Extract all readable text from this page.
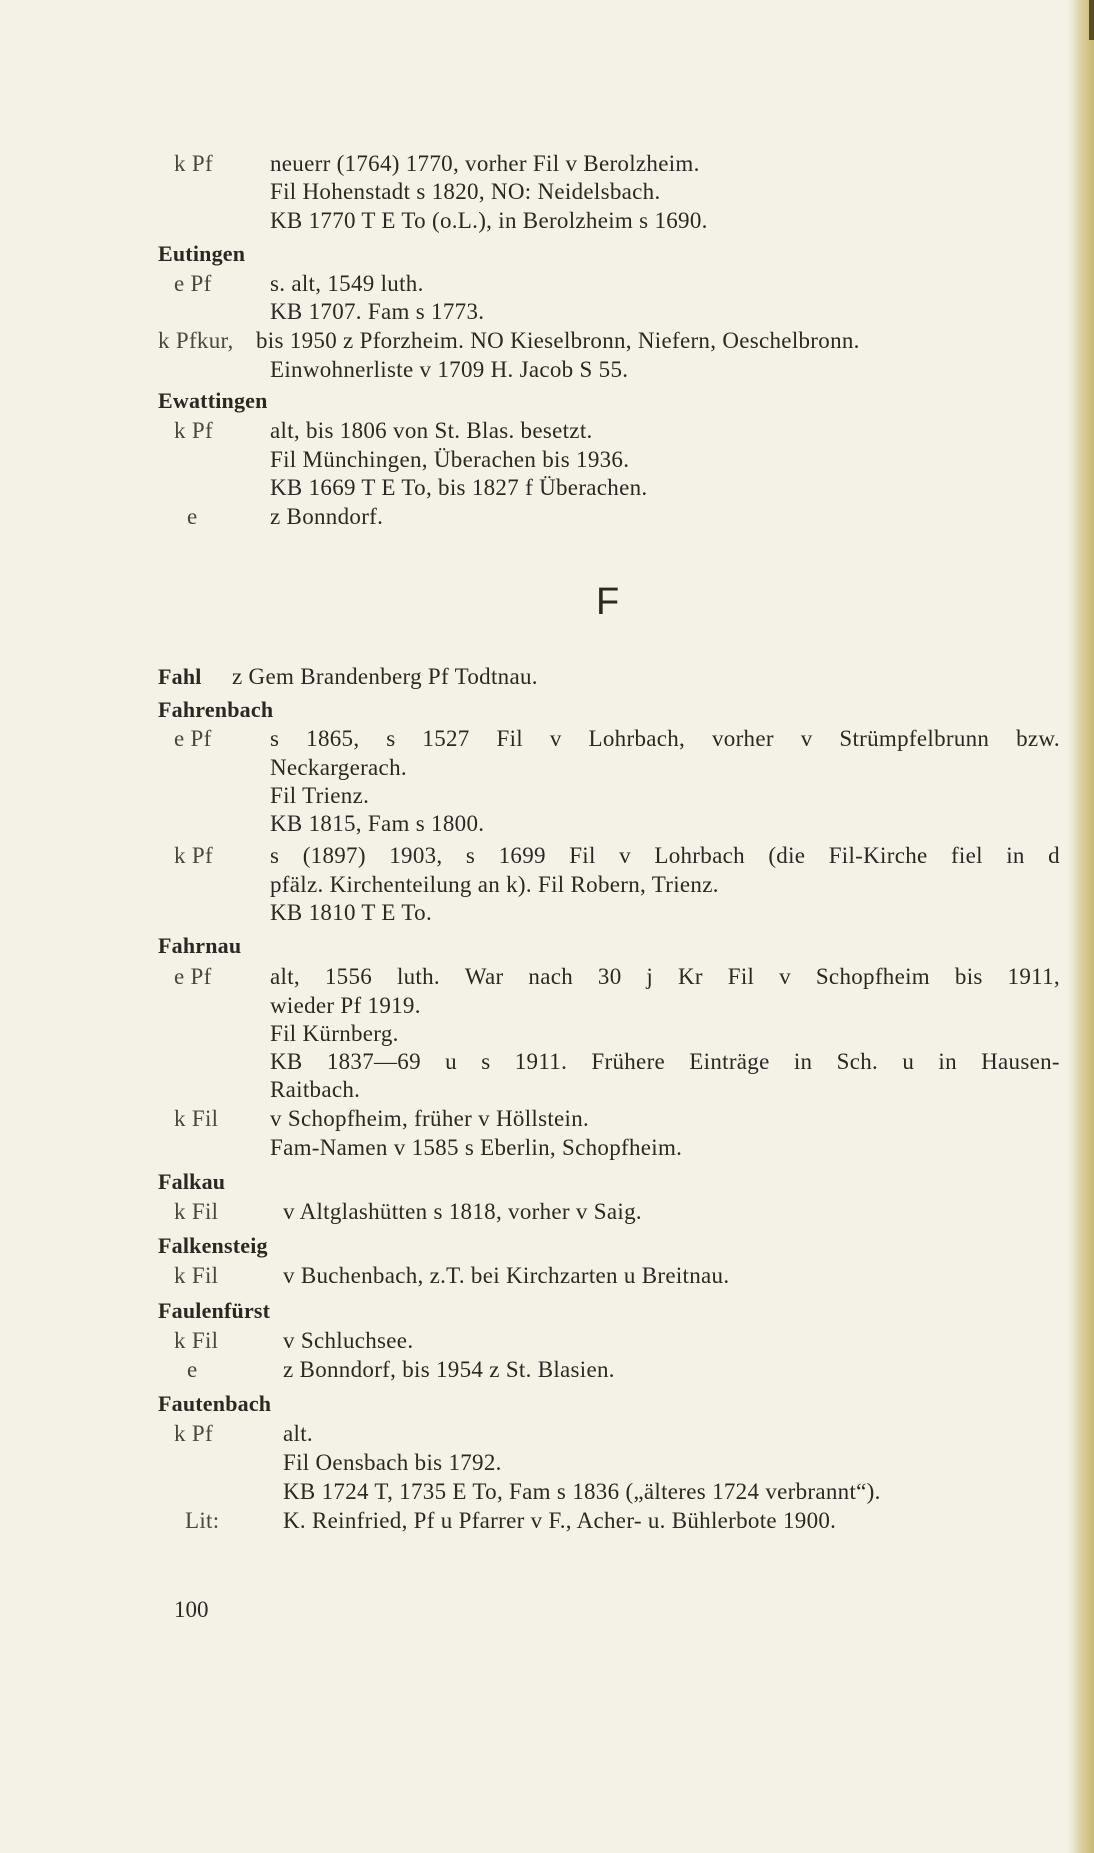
k Pf neuerr (1764) 1770, vorher Fil v Berolzheim.
Fil Hohenstadt s 1820, NO: Neidelsbach.
KB 1770 T E To (o.L.), in Berolzheim s 1690.
Eutingen
e Pf	s. alt, 1549 luth.
KB 1707. Fam s 1773.
k Pfkur, bis 1950 z Pforzheim. NO Kieselbronn, Niefern, Oeschelbronn.
Einwohnerliste v 1709 H. Jacob S 55.
Ewattingen
k Pf alt, bis 1806 von St. Blas. besetzt.
Fil Münchingen, Überachen bis 1936.
KB 1669 T E To, bis 1827 f Überachen.
e	z Bonndorf.
F
Fahl z Gem Brandenberg Pf Todtnau.
Fahrenbach
e Pf	s 1865, s 1527 Fil v Lohrbach, vorher v Strümpfelbrunn bzw.
Neckargerach.
Fil Trienz.
KB 1815, Fam s 1800.
k Pf s (1897) 1903, s 1699 Fil v Lohrbach (die Fil-Kirche fiel in d
pfälz. Kirchenteilung an k). Fil Robern, Trienz.
KB 1810 T E To.
Fahrnau
e Pf	alt, 1556 luth. War nach 30 j Kr Fil v Schopfheim bis 1911,
wieder Pf 1919.
Fil Kürnberg.
KB 1837—69 u s 1911. Frühere Einträge in Sch. u in Hausen-
Raitbach.
k Fil v Schopfheim, früher v Höllstein.
Fam-Namen v 1585 s Eberlin, Schopfheim.
Falkau
k Fil	v Altglashütten s 1818, vorher v Saig.
Falkensteig
k Fil	v Buchenbach, z.T. bei Kirchzarten u Breitnau.
Faulenfürst
k Fil	v Schluchsee.
e	z Bonndorf, bis 1954 z St. Blasien.
Fautenbach
k Pf	alt.
Fil Oensbach bis 1792.
KB 1724 T, 1735 E To, Fam s 1836 („älteres 1724 verbrannt“).
Lit:	K. Reinfried, Pf u Pfarrer v F., Acher- u. Bühlerbote 1900.
100
